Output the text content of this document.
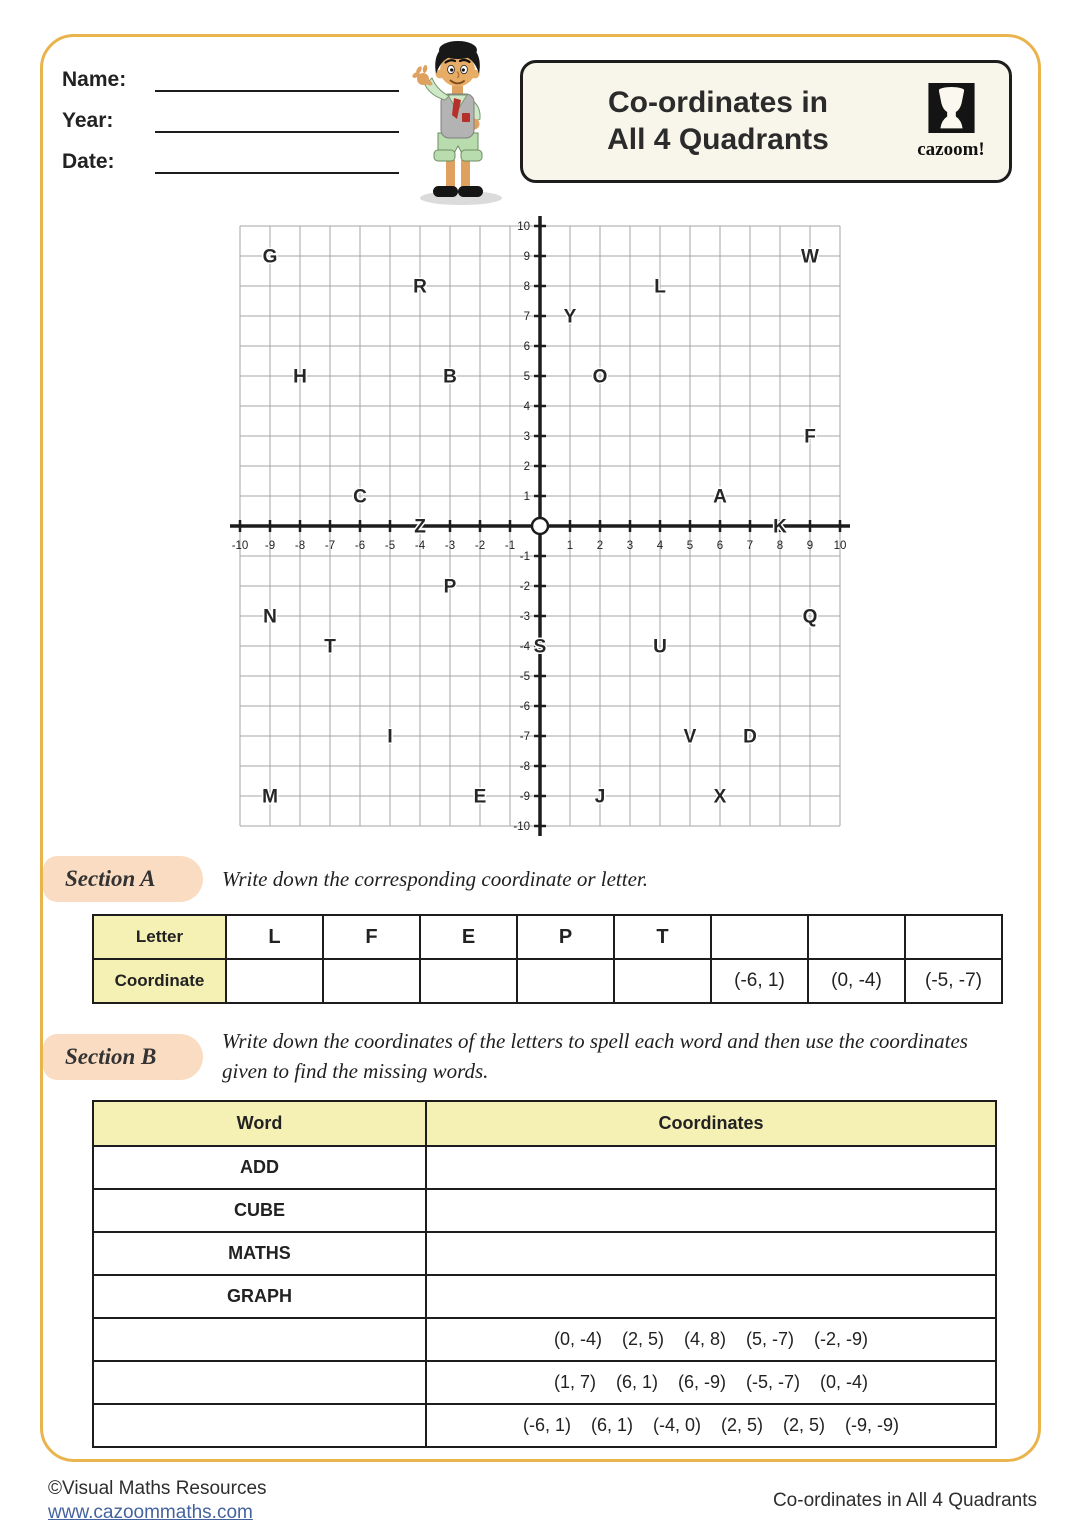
Name:
Year:
Date:
Co-ordinates in
All 4 Quadrants	cazoom!
-10
-10
-9
-9
-8
-8
-7
-7
-6
-6
-5
-5
-4
-4
-3
-3
-2
-2
-1
-1
1
1
2
2
3
3
4
4
5
5
6
6
7
7
8
8
9
9
10
10
A
B
C
D
E
F
G
H
I
J
K
L
M
N
O
P
Q
R
S
T	U
V
W
X
Y
Z
Section A	Write down the corresponding coordinate or letter.
Letter	L	F	E	P	T			
Coordinate						(-6, 1)	(0, -4)	(-5, -7)
Section B
Write down the coordinates of the letters to spell each word and then use the coordinates
given to find the missing words.
Word	Coordinates
ADD	
CUBE	
MATHS	
GRAPH	
	(0, -4) (2, 5) (4, 8) (5, -7) (-2, -9)
	(1, 7) (6, 1) (6, -9) (-5, -7) (0, -4)
	(-6, 1) (6, 1) (-4, 0) (2, 5) (2, 5) (-9, -9)
©Visual Maths Resources
www.cazoommaths.com
Co-ordinates in All 4 Quadrants
